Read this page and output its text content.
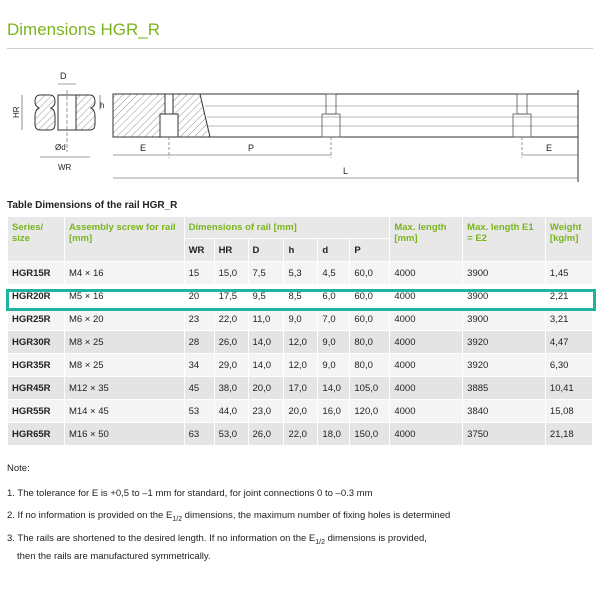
Dimensions HGR_R
D
HR
h
Ød
WR
E	P	E
L
Table Dimensions of the rail HGR_R
Series/ size	Assembly screw for rail [mm]	Dimensions of rail [mm]						Max. length [mm]	Max. length E1 = E2	Weight [kg/m]
		WR	HR	D	h	d	P			
HGR15R	M4 × 16	15	15,0	7,5	5,3	4,5	60,0	4000	3900	1,45
HGR20R	M5 × 16	20	17,5	9,5	8,5	6,0	60,0	4000	3900	2,21
HGR25R	M6 × 20	23	22,0	11,0	9,0	7,0	60,0	4000	3900	3,21
HGR30R	M8 × 25	28	26,0	14,0	12,0	9,0	80,0	4000	3920	4,47
HGR35R	M8 × 25	34	29,0	14,0	12,0	9,0	80,0	4000	3920	6,30
HGR45R	M12 × 35	45	38,0	20,0	17,0	14,0	105,0	4000	3885	10,41
HGR55R	M14 × 45	53	44,0	23,0	20,0	16,0	120,0	4000	3840	15,08
HGR65R	M16 × 50	63	53,0	26,0	22,0	18,0	150,0	4000	3750	21,18
Note:
1. The tolerance for E is +0,5 to –1 mm for standard, for joint connections 0 to –0.3 mm
2. If no information is provided on the $E_{1/2}$ dimensions, the maximum number of fixing holes is determined
3. The rails are shortened to the desired length. If no information on the $E_{1/2}$ dimensions is provided,
then the rails are manufactured symmetrically.
